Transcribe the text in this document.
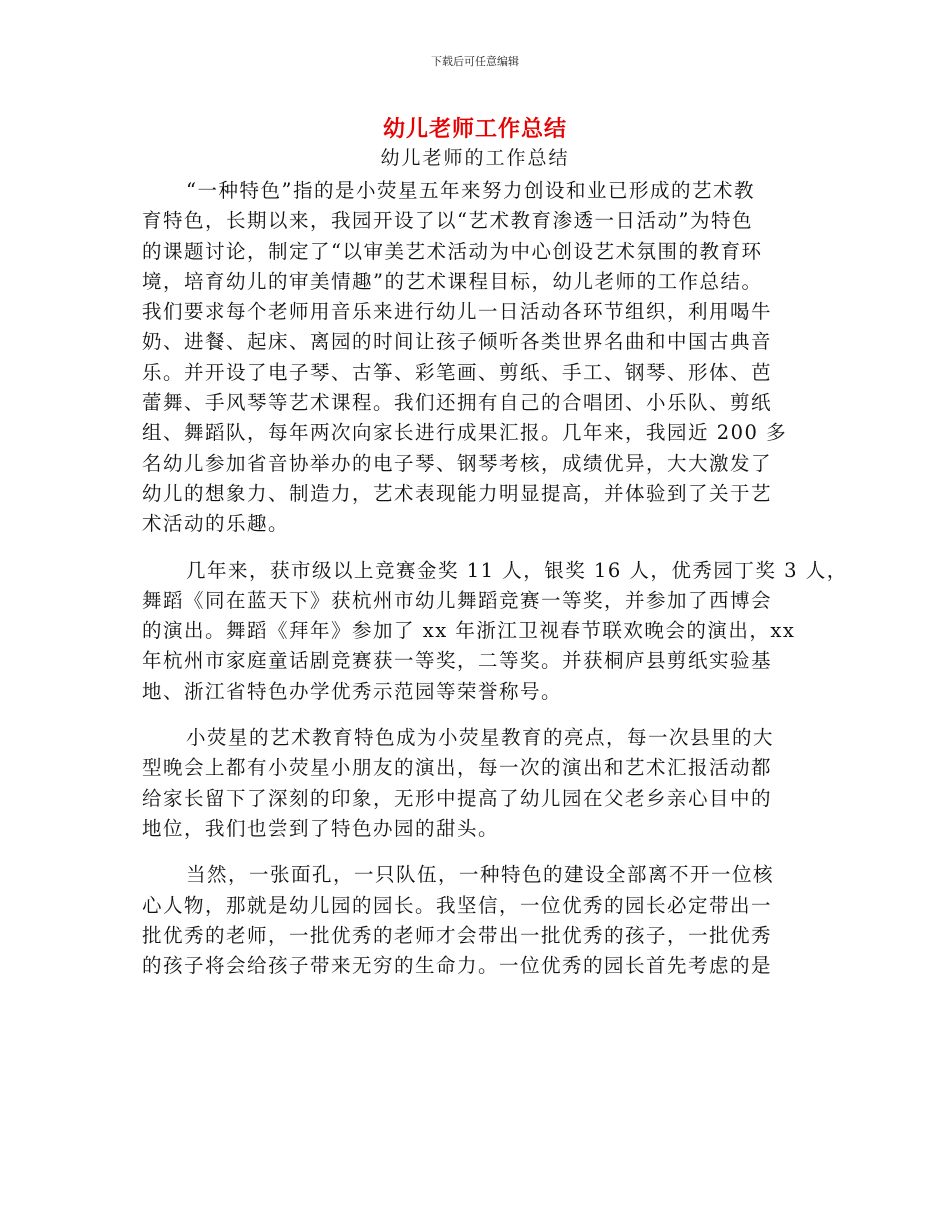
下载后可任意编辑
幼儿老师工作总结
幼儿老师的工作总结
“一种特色”指的是小荧星五年来努力创设和业已形成的艺术教
育特色，长期以来，我园开设了以“艺术教育渗透一日活动”为特色
的课题讨论，制定了“以审美艺术活动为中心创设艺术氛围的教育环
境，培育幼儿的审美情趣”的艺术课程目标，幼儿老师的工作总结。
我们要求每个老师用音乐来进行幼儿一日活动各环节组织，利用喝牛
奶、进餐、起床、离园的时间让孩子倾听各类世界名曲和中国古典音
乐。并开设了电子琴、古筝、彩笔画、剪纸、手工、钢琴、形体、芭
蕾舞、手风琴等艺术课程。我们还拥有自己的合唱团、小乐队、剪纸
组、舞蹈队，每年两次向家长进行成果汇报。几年来，我园近 200 多
名幼儿参加省音协举办的电子琴、钢琴考核，成绩优异，大大激发了
幼儿的想象力、制造力，艺术表现能力明显提高，并体验到了关于艺
术活动的乐趣。
几年来，获市级以上竞赛金奖 11 人，银奖 16 人，优秀园丁奖 3 人，
舞蹈《同在蓝天下》获杭州市幼儿舞蹈竞赛一等奖，并参加了西博会
的演出。舞蹈《拜年》参加了 xx 年浙江卫视春节联欢晚会的演出，xx
年杭州市家庭童话剧竞赛获一等奖，二等奖。并获桐庐县剪纸实验基
地、浙江省特色办学优秀示范园等荣誉称号。
小荧星的艺术教育特色成为小荧星教育的亮点，每一次县里的大
型晚会上都有小荧星小朋友的演出，每一次的演出和艺术汇报活动都
给家长留下了深刻的印象，无形中提高了幼儿园在父老乡亲心目中的
地位，我们也尝到了特色办园的甜头。
当然，一张面孔，一只队伍，一种特色的建设全部离不开一位核
心人物，那就是幼儿园的园长。我坚信，一位优秀的园长必定带出一
批优秀的老师，一批优秀的老师才会带出一批优秀的孩子，一批优秀
的孩子将会给孩子带来无穷的生命力。一位优秀的园长首先考虑的是
